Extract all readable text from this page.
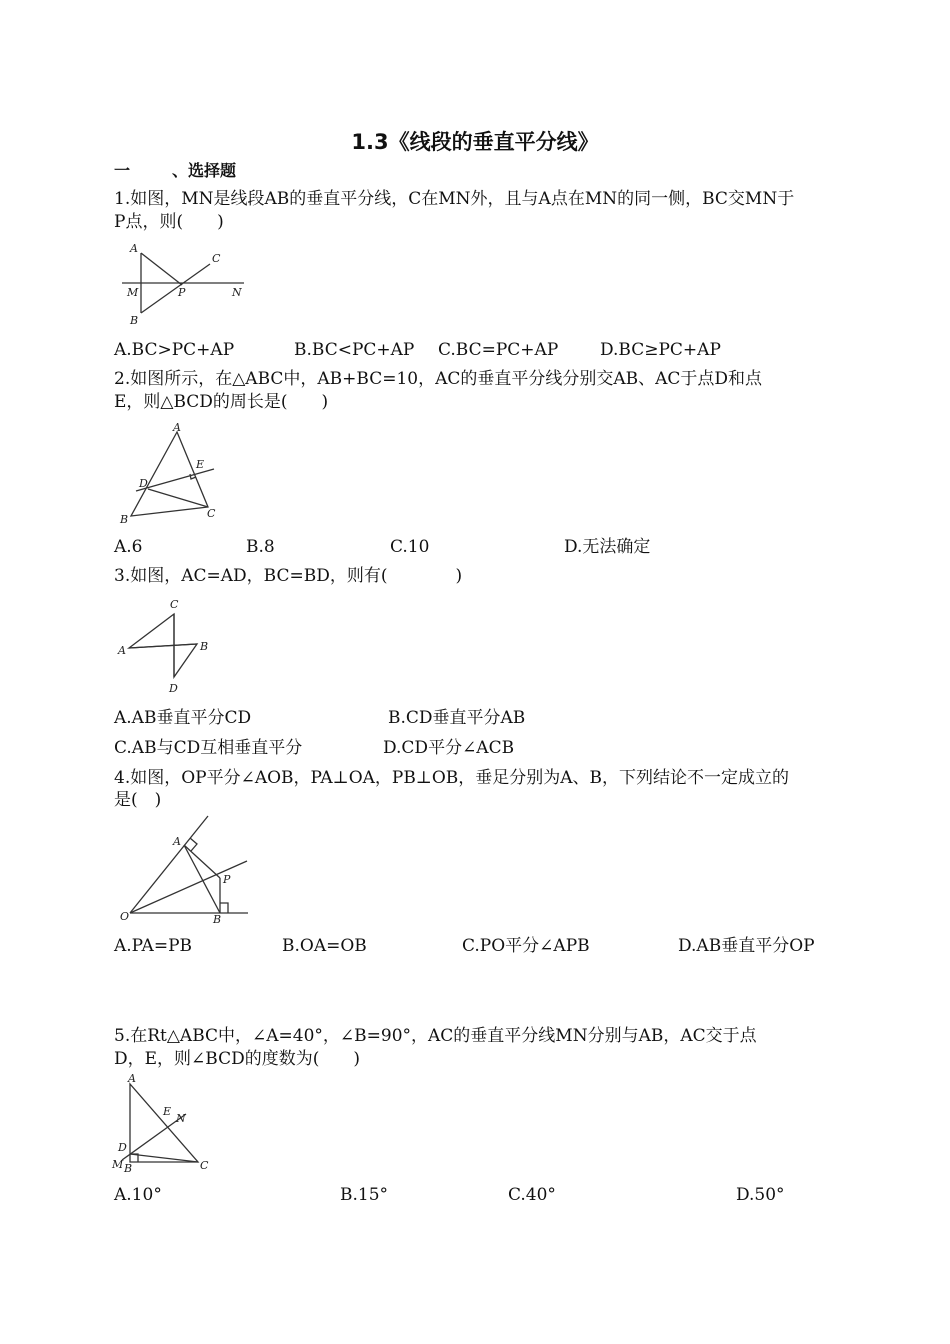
1.3《线段的垂直平分线》
一	、选择题
1.如图，MN是线段AB的垂直平分线，C在MN外，且与A点在MN的同一侧，BC交MN于
P点，则(　　)
A
C
M	P	N
B
A.BC>PC+AP	B.BC<PC+AP C.BC=PC+AP D.BC≥PC+AP
2.如图所示，在△ABC中，AB+BC=10，AC的垂直平分线分别交AB、AC于点D和点
E，则△BCD的周长是(　　)
A
E
D
B	C
A.6	B.8	C.10	D.无法确定
3.如图，AC=AD，BC=BD，则有(　　　　)
C
A	B
D
A.AB垂直平分CD	B.CD垂直平分AB
C.AB与CD互相垂直平分	D.CD平分∠ACB
4.如图，OP平分∠AOB，PA⊥OA，PB⊥OB，垂足分别为A、B，下列结论不一定成立的
是(　)
A
P
O	B
A.PA=PB	B.OA=OB	C.PO平分∠APB	D.AB垂直平分OP
5.在Rt△ABC中，∠A=40°，∠B=90°，AC的垂直平分线MN分别与AB，AC交于点
D，E，则∠BCD的度数为(　　)
A
E
N
D
M B	C
A.10°	B.15°	C.40°	D.50°
